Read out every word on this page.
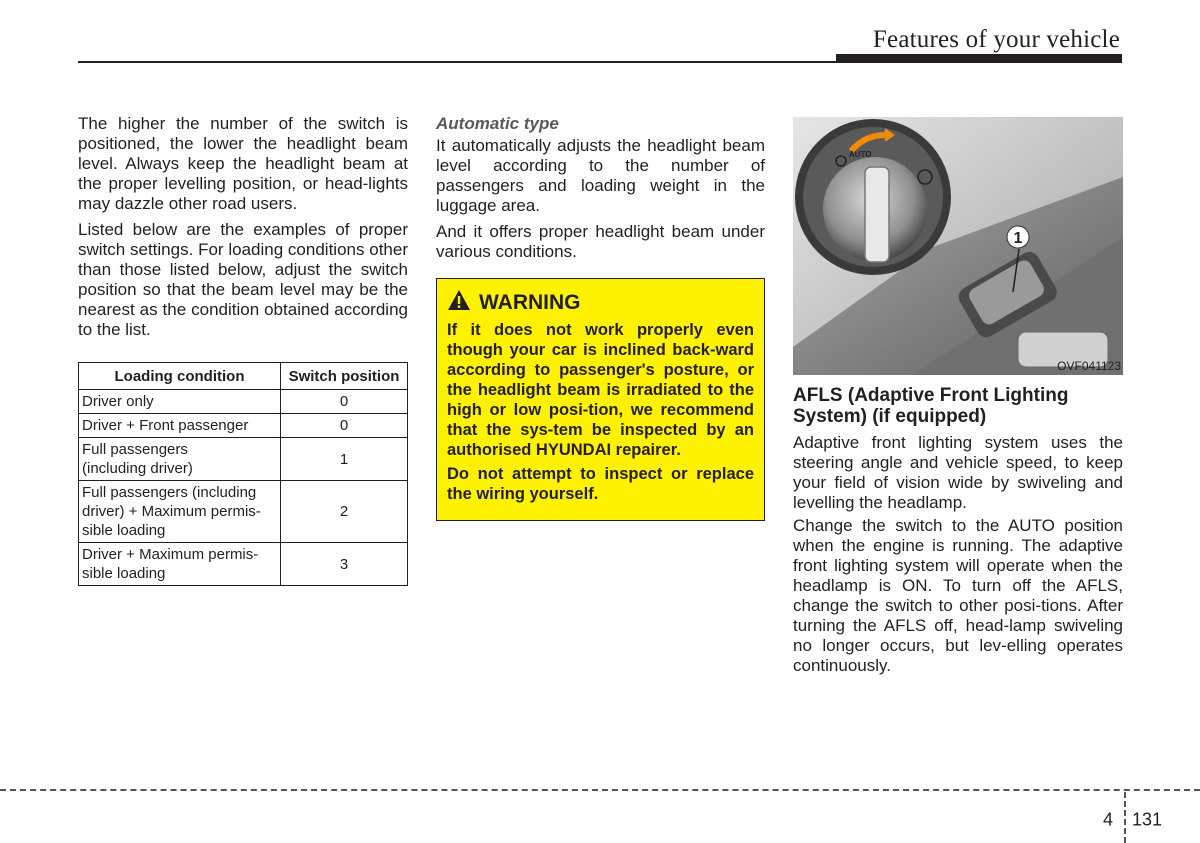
Features of your vehicle

The higher the number of the switch is positioned, the lower the headlight beam level. Always keep the headlight beam at the proper levelling position, or head-lights may dazzle other road users.

Listed below are the examples of proper switch settings. For loading conditions other than those listed below, adjust the switch position so that the beam level may be the nearest as the condition obtained according to the list.

Loading condition	Switch position
Driver only	0
Driver + Front passenger	0
Full passengers
(including driver)	1
Full passengers (including
driver) + Maximum permis-
sible loading	2
Driver + Maximum permis-
sible loading	3
Automatic type

It automatically adjusts the headlight beam level according to the number of passengers and loading weight in the luggage area.

And it offers proper headlight beam under various conditions.

WARNING

If it does not work properly even though your car is inclined back-ward according to passenger's posture, or the headlight beam is irradiated to the high or low posi-tion, we recommend that the sys-tem be inspected by an authorised HYUNDAI repairer.

Do not attempt to inspect or replace the wiring yourself.

AUTO
1
OVF041123
AFLS (Adaptive Front Lighting System) (if equipped)

Adaptive front lighting system uses the steering angle and vehicle speed, to keep your field of vision wide by swiveling and levelling the headlamp.

Change the switch to the AUTO position when the engine is running. The adaptive front lighting system will operate when the headlamp is ON. To turn off the AFLS, change the switch to other posi-tions. After turning the AFLS off, head-lamp swiveling no longer occurs, but lev-elling operates continuously.

4 131
